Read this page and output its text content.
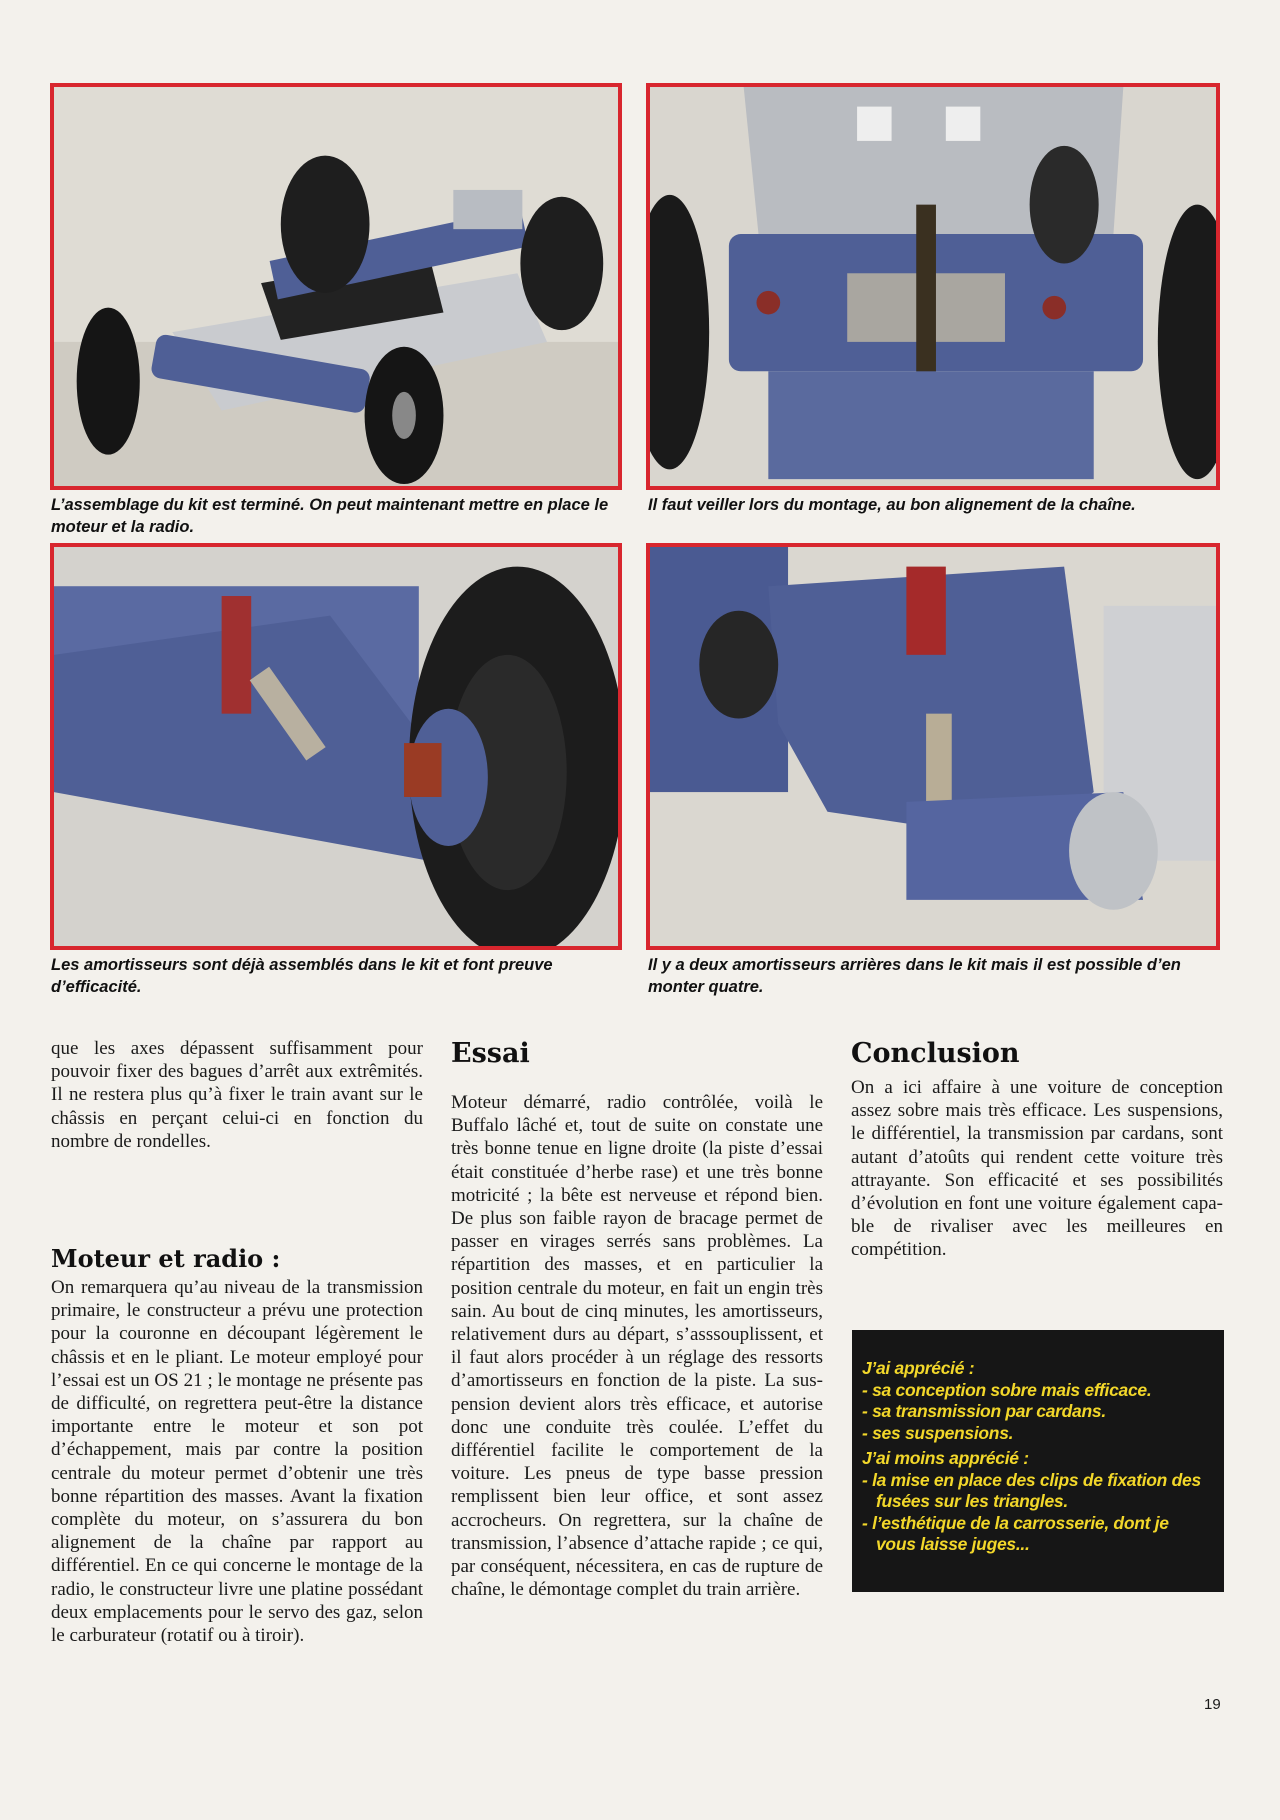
L’assemblage du kit est terminé. On peut maintenant mettre en place le moteur et la radio.
Il faut veiller lors du montage, au bon alignement de la chaîne.
Les amortisseurs sont déjà assemblés dans le kit et font preuve d’efficacité.
Il y a deux amortisseurs arrières dans le kit mais il est possible d’en monter quatre.

que les axes dépassent suffisamment pour pouvoir fixer des bagues d’arrêt aux extrêmités. Il ne restera plus qu’à fixer le train avant sur le châssis en perçant celui-ci en fonction du nombre de rondelles.

Moteur et radio :

On remarquera qu’au niveau de la transmission primaire, le constructeur a prévu une protection pour la couronne en découpant légèrement le châssis et en le pliant. Le moteur employé pour l’essai est un OS 21 ; le montage ne présente pas de difficulté, on regrettera peut-être la distance importante entre le moteur et son pot d’échappement, mais par contre la position centrale du moteur permet d’obtenir une très bonne répartition des masses. Avant la fixation complète du moteur, on s’assurera du bon alignement de la chaîne par rapport au différentiel. En ce qui concerne le montage de la radio, le constructeur livre une platine possédant deux emplacements pour le servo des gaz, selon le carburateur (rotatif ou à tiroir).

Essai

Moteur démarré, radio contrôlée, voilà le Buffalo lâché et, tout de suite on constate une très bonne tenue en ligne droite (la piste d’essai était constituée d’herbe rase) et une très bonne motricité ; la bête est nerveuse et répond bien. De plus son faible rayon de bracage permet de passer en virages serrés sans problèmes. La répartition des masses, et en particulier la position centrale du moteur, en fait un engin très sain. Au bout de cinq minutes, les amortisseurs, relativement durs au départ, s’asssouplissent, et il faut alors procéder à un réglage des ressorts d’amortisseurs en fonction de la piste. La suspension devient alors très efficace, et autorise donc une conduite très coulée. L’effet du différentiel facilite le comportement de la voiture. Les pneus de type basse pression remplissent bien leur office, et sont assez accrocheurs. On regrettera, sur la chaîne de transmission, l’absence d’attache rapide ; ce qui, par conséquent, nécessitera, en cas de rupture de chaîne, le démontage complet du train arrière.

Conclusion

On a ici affaire à une voiture de conception assez sobre mais très efficace. Les suspensions, le différentiel, la transmission par cardans, sont autant d’atoûts qui rendent cette voiture très attrayante. Son efficacité et ses possibilités d’évolution en font une voiture également capable de rivaliser avec les meilleures en compétition.

J’ai apprécié :
- sa conception sobre mais efficace.
- sa transmission par cardans.
- ses suspensions.
J’ai moins apprécié :
- la mise en place des clips de fixation des fusées sur les triangles.
- l’esthétique de la carrosserie, dont je vous laisse juges...
19
